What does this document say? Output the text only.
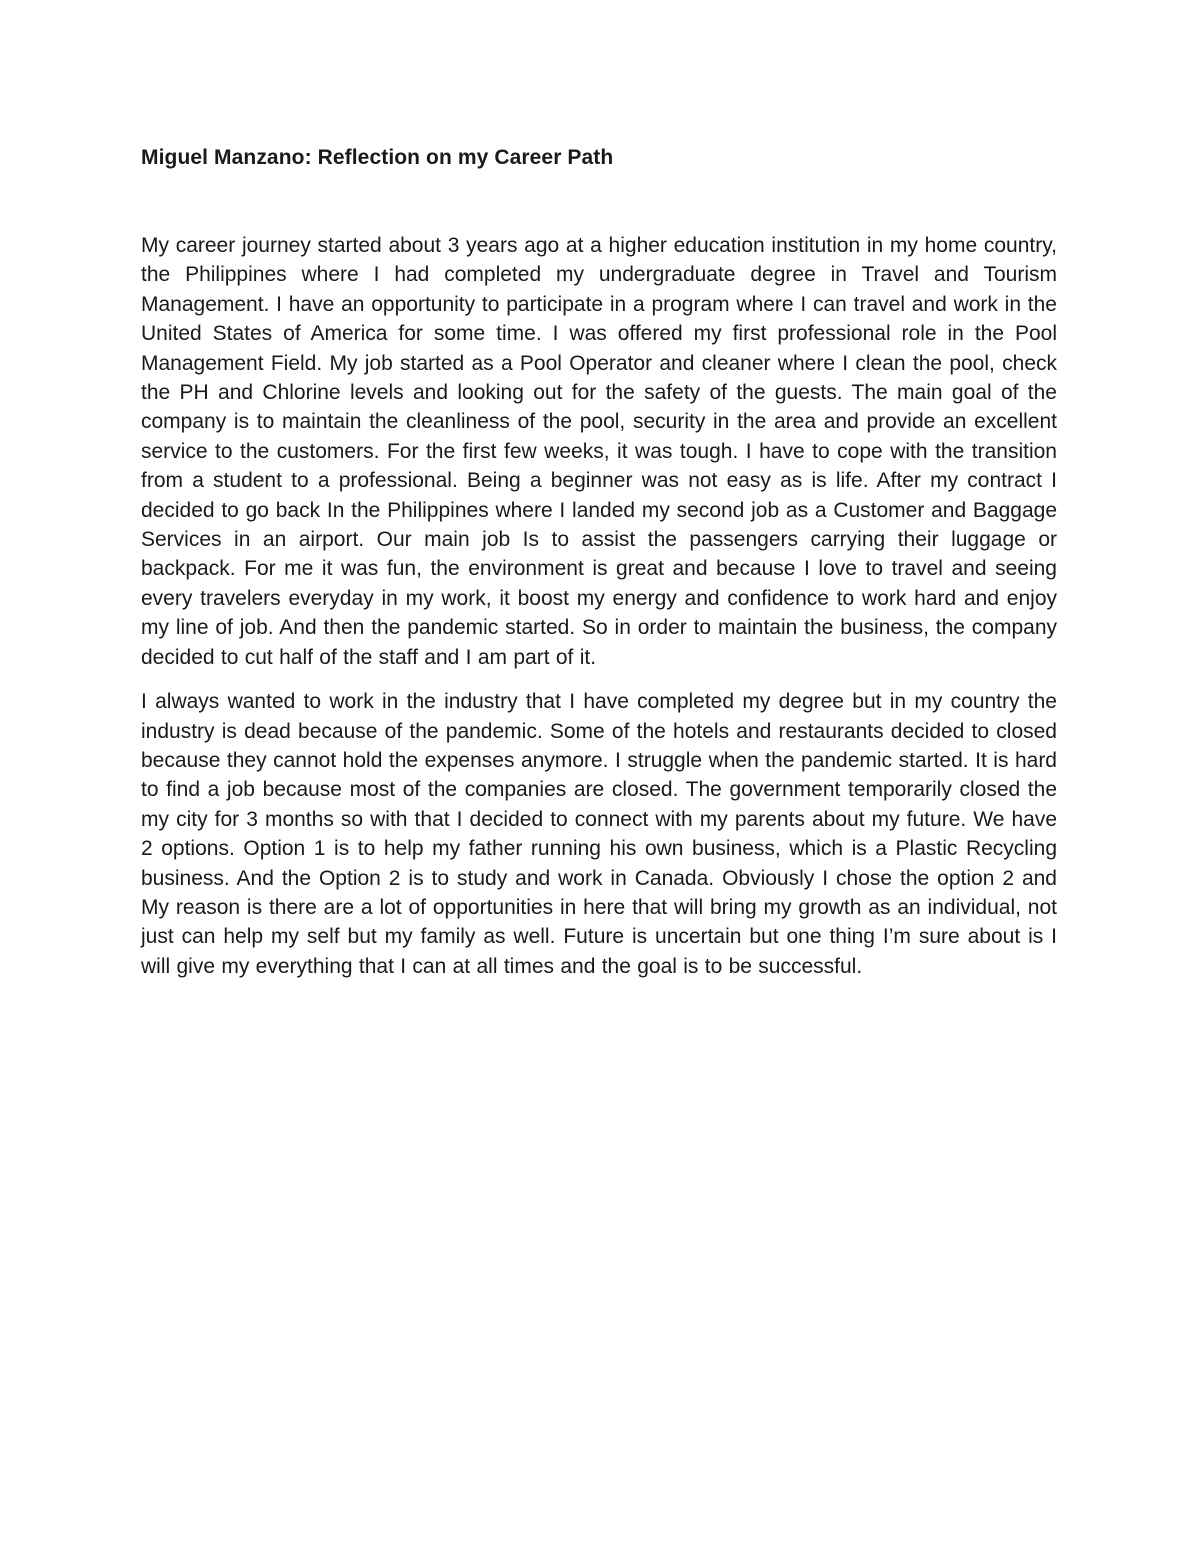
Miguel Manzano: Reflection on my Career Path

My career journey started about 3 years ago at a higher education institution in my home country, the Philippines where I had completed my undergraduate degree in Travel and Tourism Management. I have an opportunity to participate in a program where I can travel and work in the United States of America for some time. I was offered my first professional role in the Pool Management Field. My job started as a Pool Operator and cleaner where I clean the pool, check the PH and Chlorine levels and looking out for the safety of the guests. The main goal of the company is to maintain the cleanliness of the pool, security in the area and provide an excellent service to the customers. For the first few weeks, it was tough. I have to cope with the transition from a student to a professional. Being a beginner was not easy as is life. After my contract I decided to go back In the Philippines where I landed my second job as a Customer and Baggage Services in an airport. Our main job Is to assist the passengers carrying their luggage or backpack. For me it was fun, the environment is great and because I love to travel and seeing every travelers everyday in my work, it boost my energy and confidence to work hard and enjoy my line of job. And then the pandemic started. So in order to maintain the business, the company decided to cut half of the staff and I am part of it.

I always wanted to work in the industry that I have completed my degree but in my country the industry is dead because of the pandemic. Some of the hotels and restaurants decided to closed because they cannot hold the expenses anymore. I struggle when the pandemic started. It is hard to find a job because most of the companies are closed. The government temporarily closed the my city for 3 months so with that I decided to connect with my parents about my future. We have 2 options. Option 1 is to help my father running his own business, which is a Plastic Recycling business. And the Option 2 is to study and work in Canada. Obviously I chose the option 2 and My reason is there are a lot of opportunities in here that will bring my growth as an individual, not just can help my self but my family as well. Future is uncertain but one thing I’m sure about is I will give my everything that I can at all times and the goal is to be successful.
